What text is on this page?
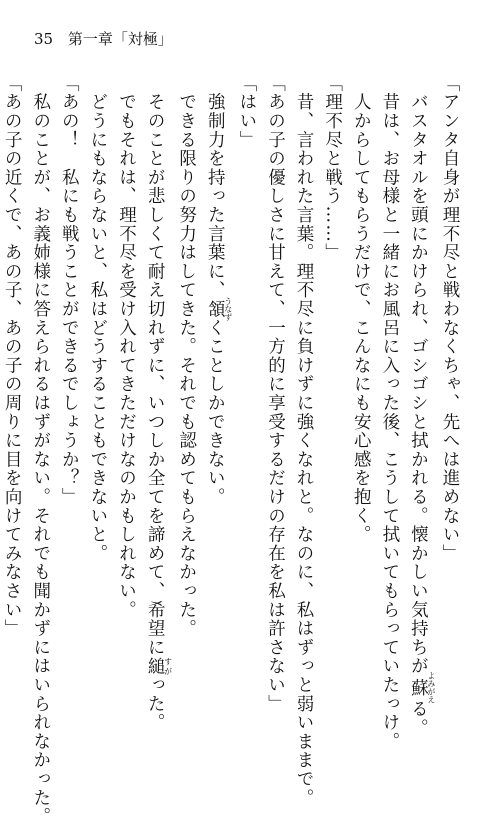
35 第一章「対極」
「アンタ自身が理不尽と戦わなくちゃ、先へは進めない」
　バスタオルを頭にかけられ、ゴシゴシと拭かれる。懐かしい気持ちが蘇よみがえる。
　昔は、お母様と一緒にお風呂に入った後、こうして拭いてもらっていたっけ。
　人からしてもらうだけで、こんなにも安心感を抱く。
「理不尽と戦う……」
　昔、言われた言葉。理不尽に負けずに強くなれと。なのに、私はずっと弱いままで。
「あの子の優しさに甘えて、一方的に享受するだけの存在を私は許さない」
「はい」
　強制力を持った言葉に、頷うなずくことしかできない。
　できる限りの努力はしてきた。それでも認めてもらえなかった。
　そのことが悲しくて耐え切れずに、いつしか全てを諦めて、希望に縋すがった。
　でもそれは、理不尽を受け入れてきただけなのかもしれない。
　どうにもならないと、私はどうすることもできないと。
「あの！　私にも戦うことができるでしょうか？」
　私のことが、お義姉様に答えられるはずがない。それでも聞かずにはいられなかった。
「あの子の近くで、あの子、あの子の周りに目を向けてみなさい」
